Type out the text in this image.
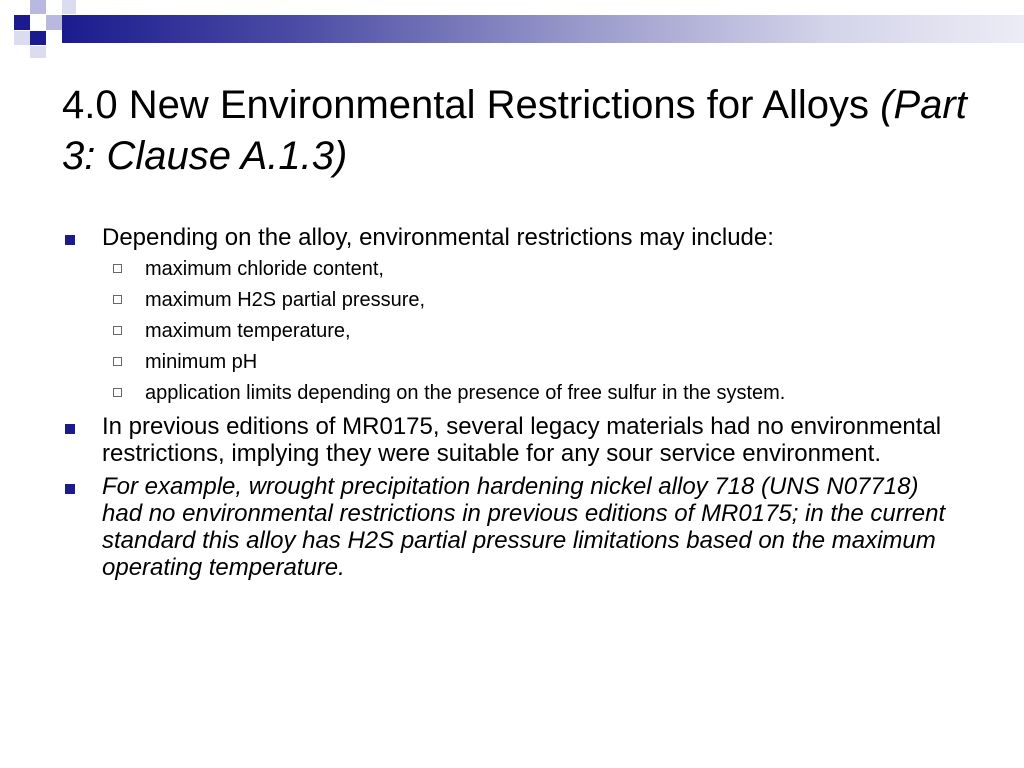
4.0 New Environmental Restrictions for Alloys (Part 3: Clause A.1.3)
Depending on the alloy, environmental restrictions may include:
maximum chloride content,
maximum H2S partial pressure,
maximum temperature,
minimum pH
application limits depending on the presence of free sulfur in the system.
In previous editions of MR0175, several legacy materials had no environmental restrictions, implying they were suitable for any sour service environment.
For example, wrought precipitation hardening nickel alloy 718 (UNS N07718) had no environmental restrictions in previous editions of MR0175; in the current standard this alloy has H2S partial pressure limitations based on the maximum operating temperature.
